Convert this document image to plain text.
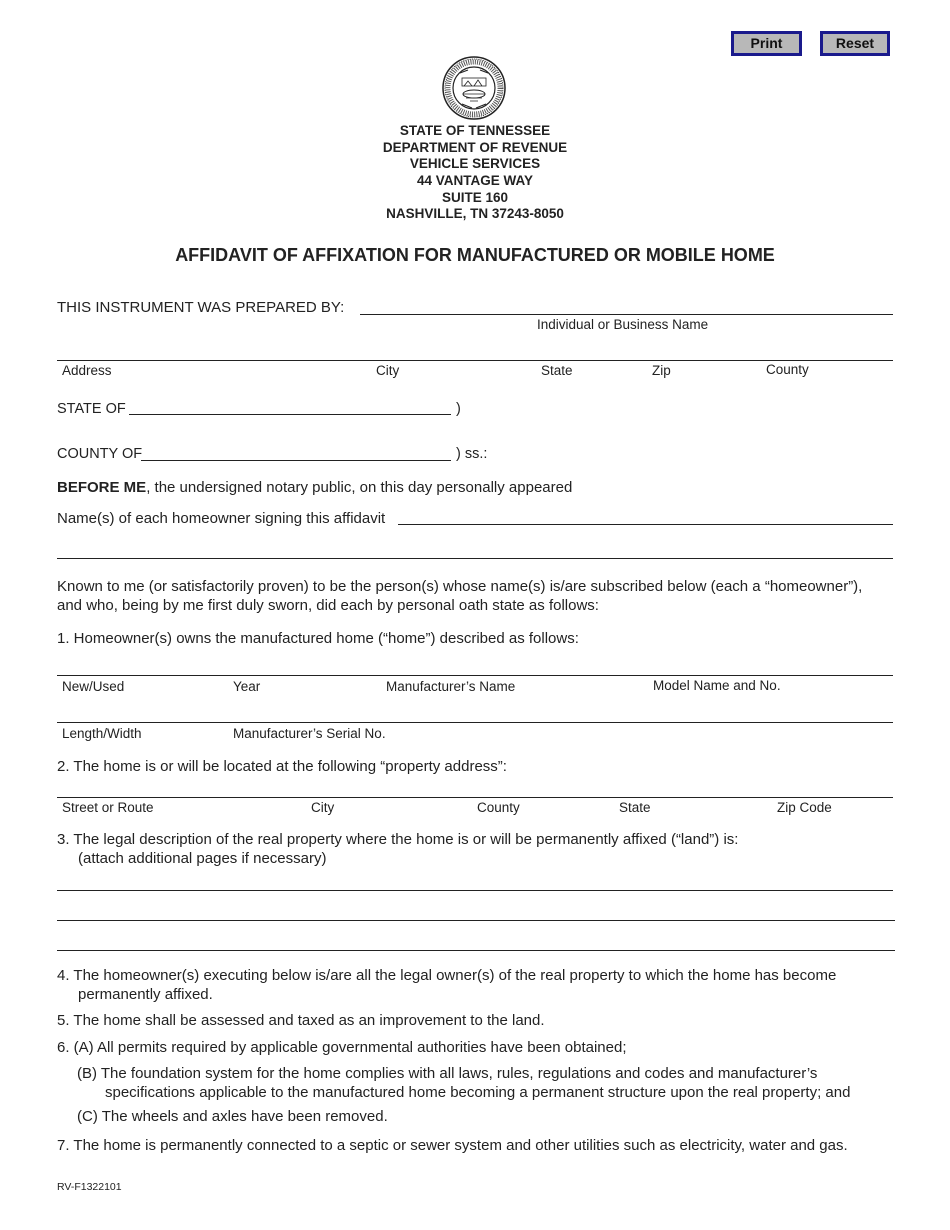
Print	Reset
STATE OF TENNESSEE
DEPARTMENT OF REVENUE
VEHICLE SERVICES
44 VANTAGE WAY
SUITE 160
NASHVILLE, TN 37243-8050
AFFIDAVIT OF AFFIXATION FOR MANUFACTURED OR MOBILE HOME
THIS INSTRUMENT WAS PREPARED BY:
Individual or Business Name
Address	City	State	Zip	County
STATE OF	)
COUNTY OF	) ss.:
BEFORE ME, the undersigned notary public, on this day personally appeared
Name(s) of each homeowner signing this affidavit
Known to me (or satisfactorily proven) to be the person(s) whose name(s) is/are subscribed below (each a “homeowner”),
and who, being by me first duly sworn, did each by personal oath state as follows:
1. Homeowner(s) owns the manufactured home (“home”) described as follows:
New/Used	Year	Manufacturer’s Name	Model Name and No.
Length/Width	Manufacturer’s Serial No.
2. The home is or will be located at the following “property address”:
Street or Route	City	County	State	Zip Code
3. The legal description of the real property where the home is or will be permanently affixed (“land”) is:
(attach additional pages if necessary)
4. The homeowner(s) executing below is/are all the legal owner(s) of the real property to which the home has become
permanently affixed.
5. The home shall be assessed and taxed as an improvement to the land.
6. (A) All permits required by applicable governmental authorities have been obtained;
(B) The foundation system for the home complies with all laws, rules, regulations and codes and manufacturer’s
specifications applicable to the manufactured home becoming a permanent structure upon the real property; and
(C) The wheels and axles have been removed.
7. The home is permanently connected to a septic or sewer system and other utilities such as electricity, water and gas.
RV-F1322101
